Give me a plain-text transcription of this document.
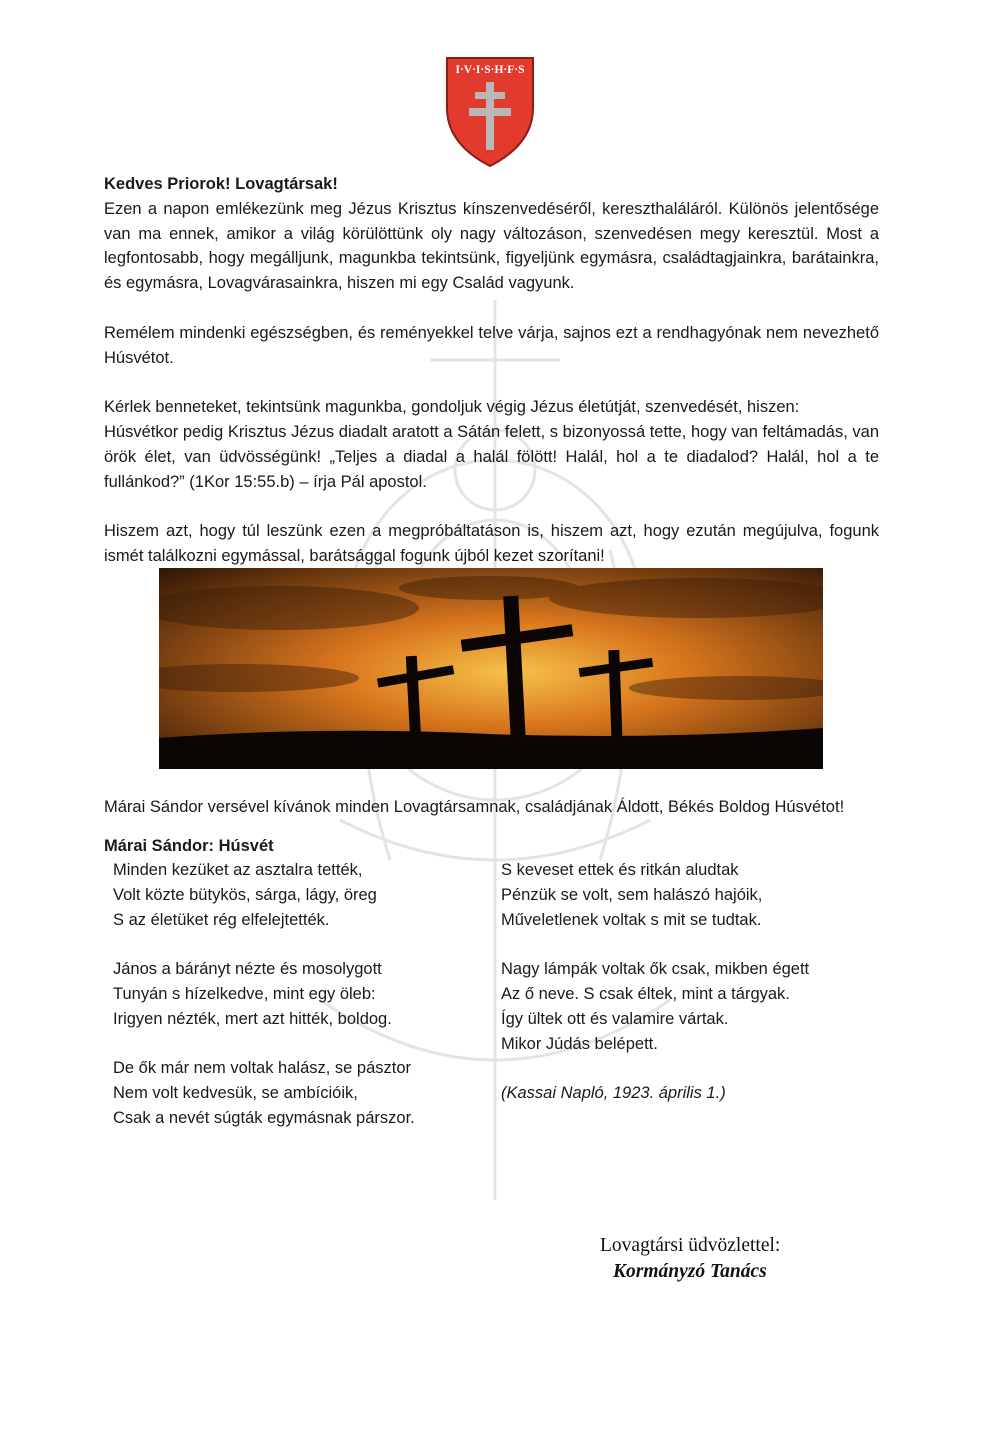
I·V·I·S·H·F·S

Kedves Priorok! Lovagtársak!

Ezen a napon emlékezünk meg Jézus Krisztus kínszenvedéséről, kereszthaláláról. Különös jelentősége van ma ennek, amikor a világ körülöttünk oly nagy változáson, szenvedésen megy keresztül. Most a legfontosabb, hogy megálljunk, magunkba tekintsünk, figyeljünk egymásra, családtagjainkra, barátainkra, és egymásra, Lovagvárasainkra, hiszen mi egy Család vagyunk.

Remélem mindenki egészségben, és reményekkel telve várja, sajnos ezt a rendhagyónak nem nevezhető Húsvétot.

Kérlek benneteket, tekintsünk magunkba, gondoljuk végig Jézus életútját, szenvedését, hiszen:

Húsvétkor pedig Krisztus Jézus diadalt aratott a Sátán felett, s bizonyossá tette, hogy van feltámadás, van örök élet, van üdvösségünk! „Teljes a diadal a halál fölött! Halál, hol a te diadalod? Halál, hol a te fullánkod?” (1Kor 15:55.b) – írja Pál apostol.

Hiszem azt, hogy túl leszünk ezen a megpróbáltatáson is, hiszem azt, hogy ezután megújulva, fogunk ismét találkozni egymással, barátsággal fogunk újból kezet szorítani!

Márai Sándor versével kívánok minden Lovagtársamnak, családjának Áldott, Békés Boldog Húsvétot!
Márai Sándor: Húsvét
Minden kezüket az asztalra tették,
Volt közte bütykös, sárga, lágy, öreg
S az életüket rég elfelejtették.
János a bárányt nézte és mosolygott
Tunyán s hízelkedve, mint egy öleb:
Irigyen nézték, mert azt hitték, boldog.
De ők már nem voltak halász, se pásztor
Nem volt kedvesük, se ambícióik,
Csak a nevét súgták egymásnak párszor.
S keveset ettek és ritkán aludtak
Pénzük se volt, sem halászó hajóik,
Műveletlenek voltak s mit se tudtak.
Nagy lámpák voltak ők csak, mikben égett
Az ő neve. S csak éltek, mint a tárgyak.
Így ültek ott és valamire vártak.
Mikor Júdás belépett.
(Kassai Napló, 1923. április 1.)
Lovagtársi üdvözlettel:
Kormányzó Tanács
